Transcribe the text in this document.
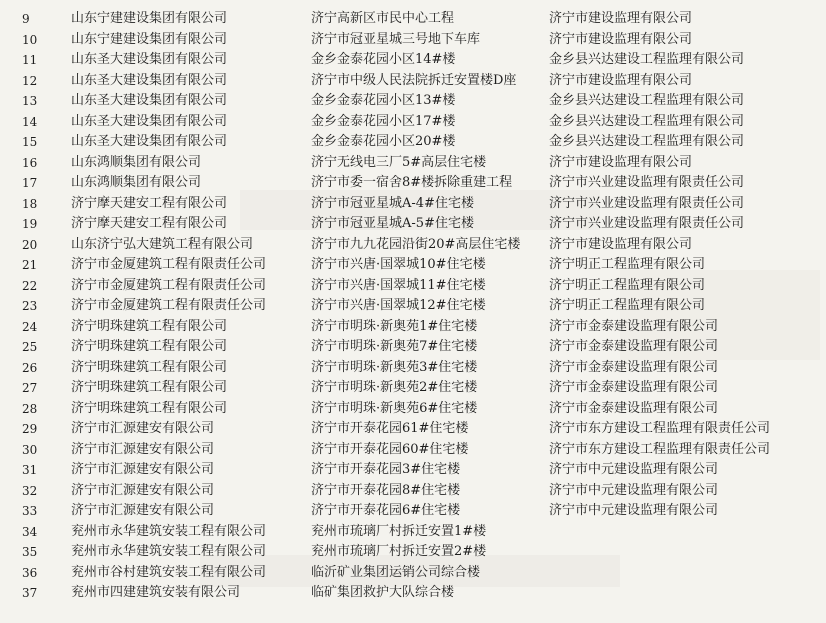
9	山东宁建建设集团有限公司	济宁高新区市民中心工程	济宁市建设监理有限公司
10	山东宁建建设集团有限公司	济宁市冠亚星城三号地下车库	济宁市建设监理有限公司
11	山东圣大建设集团有限公司	金乡金泰花园小区14#楼	金乡县兴达建设工程监理有限公司
12	山东圣大建设集团有限公司	济宁市中级人民法院拆迁安置楼D座	济宁市建设监理有限公司
13	山东圣大建设集团有限公司	金乡金泰花园小区13#楼	金乡县兴达建设工程监理有限公司
14	山东圣大建设集团有限公司	金乡金泰花园小区17#楼	金乡县兴达建设工程监理有限公司
15	山东圣大建设集团有限公司	金乡金泰花园小区20#楼	金乡县兴达建设工程监理有限公司
16	山东鸿顺集团有限公司	济宁无线电三厂5#高层住宅楼	济宁市建设监理有限公司
17	山东鸿顺集团有限公司	济宁市委一宿舍8#楼拆除重建工程	济宁市兴业建设监理有限责任公司
18	济宁摩天建安工程有限公司	济宁市冠亚星城A-4#住宅楼	济宁市兴业建设监理有限责任公司
19	济宁摩天建安工程有限公司	济宁市冠亚星城A-5#住宅楼	济宁市兴业建设监理有限责任公司
20	山东济宁弘大建筑工程有限公司	济宁市九九花园沿街20#高层住宅楼	济宁市建设监理有限公司
21	济宁市金厦建筑工程有限责任公司	济宁市兴唐·国翠城10#住宅楼	济宁明正工程监理有限公司
22	济宁市金厦建筑工程有限责任公司	济宁市兴唐·国翠城11#住宅楼	济宁明正工程监理有限公司
23	济宁市金厦建筑工程有限责任公司	济宁市兴唐·国翠城12#住宅楼	济宁明正工程监理有限公司
24	济宁明珠建筑工程有限公司	济宁市明珠·新奥苑1#住宅楼	济宁市金泰建设监理有限公司
25	济宁明珠建筑工程有限公司	济宁市明珠·新奥苑7#住宅楼	济宁市金泰建设监理有限公司
26	济宁明珠建筑工程有限公司	济宁市明珠·新奥苑3#住宅楼	济宁市金泰建设监理有限公司
27	济宁明珠建筑工程有限公司	济宁市明珠·新奥苑2#住宅楼	济宁市金泰建设监理有限公司
28	济宁明珠建筑工程有限公司	济宁市明珠·新奥苑6#住宅楼	济宁市金泰建设监理有限公司
29	济宁市汇源建安有限公司	济宁市开泰花园61#住宅楼	济宁市东方建设工程监理有限责任公司
30	济宁市汇源建安有限公司	济宁市开泰花园60#住宅楼	济宁市东方建设工程监理有限责任公司
31	济宁市汇源建安有限公司	济宁市开泰花园3#住宅楼	济宁市中元建设监理有限公司
32	济宁市汇源建安有限公司	济宁市开泰花园8#住宅楼	济宁市中元建设监理有限公司
33	济宁市汇源建安有限公司	济宁市开泰花园6#住宅楼	济宁市中元建设监理有限公司
34	兖州市永华建筑安装工程有限公司	兖州市琉璃厂村拆迁安置1#楼
35	兖州市永华建筑安装工程有限公司	兖州市琉璃厂村拆迁安置2#楼
36	兖州市谷村建筑安装工程有限公司	临沂矿业集团运销公司综合楼
37	兖州市四建建筑安装有限公司	临矿集团救护大队综合楼
